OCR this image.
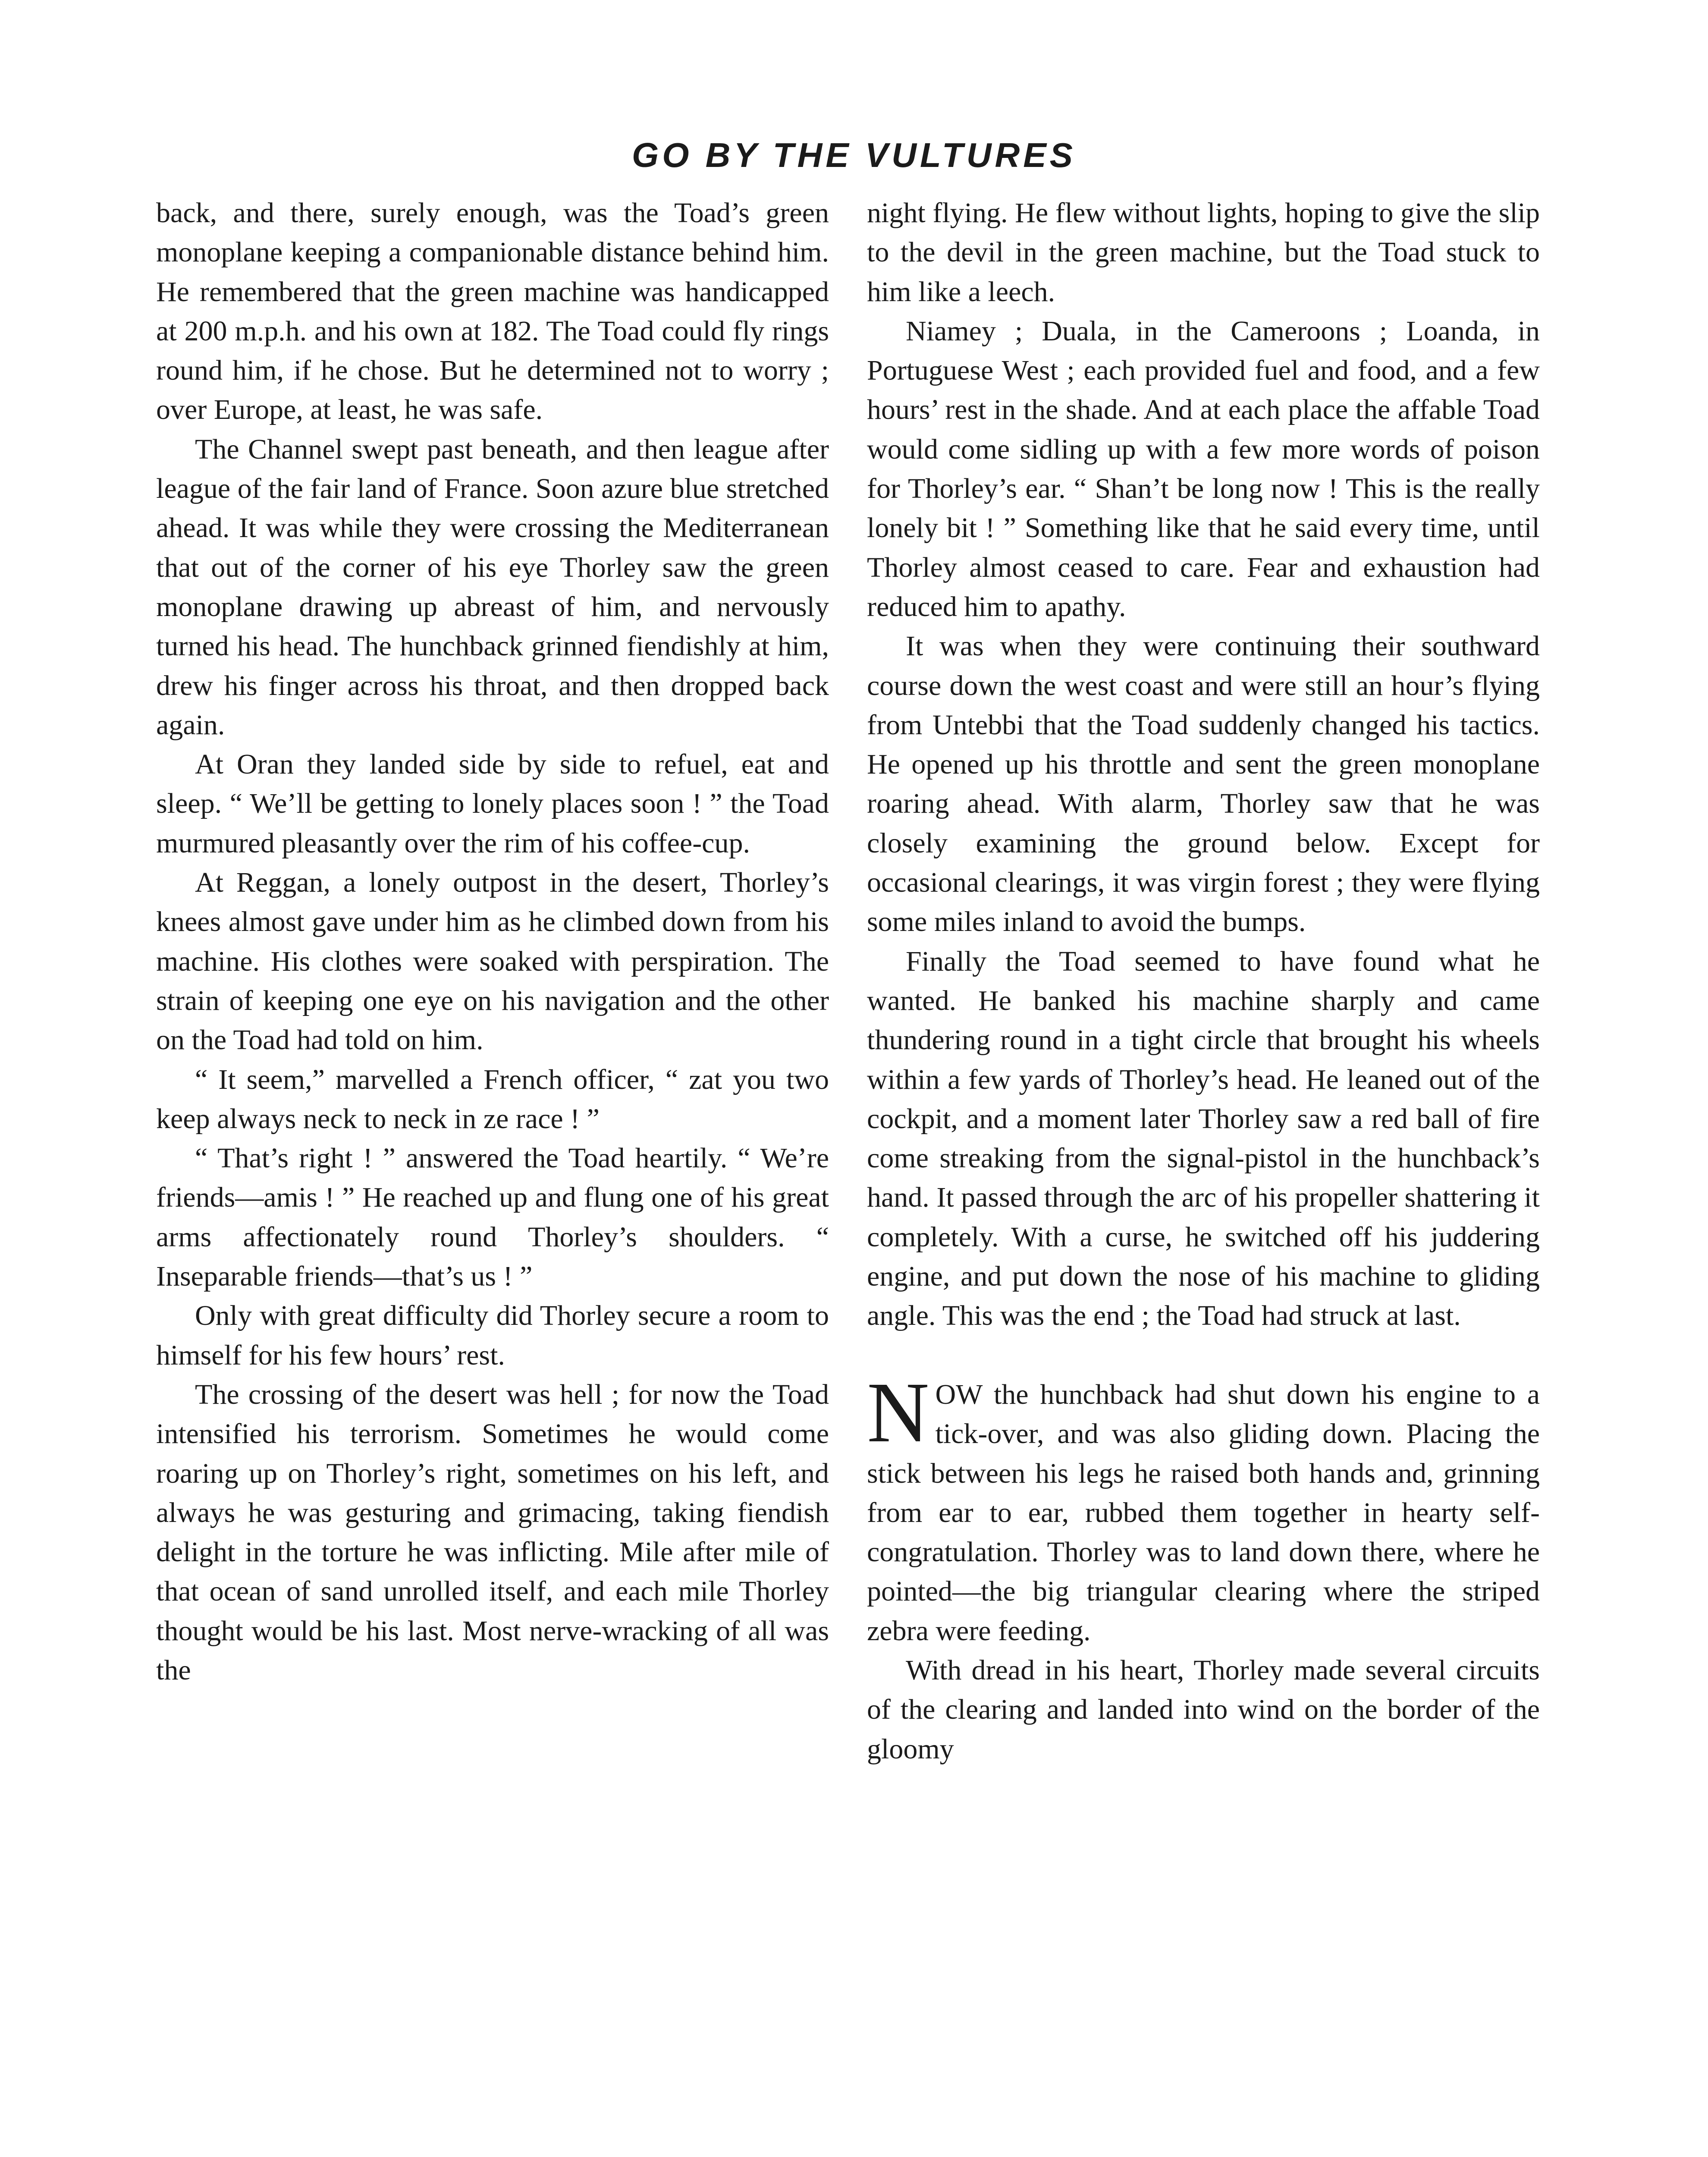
GO BY THE VULTURES

back, and there, surely enough, was the Toad’s green monoplane keeping a companionable distance behind him. He remembered that the green machine was handicapped at 200 m.p.h. and his own at 182. The Toad could fly rings round him, if he chose. But he determined not to worry ; over Europe, at least, he was safe.

The Channel swept past beneath, and then league after league of the fair land of France. Soon azure blue stretched ahead. It was while they were crossing the Mediterranean that out of the corner of his eye Thorley saw the green monoplane drawing up abreast of him, and nervously turned his head. The hunchback grinned fiendishly at him, drew his finger across his throat, and then dropped back again.

At Oran they landed side by side to refuel, eat and sleep. “ We’ll be getting to lonely places soon ! ” the Toad murmured pleasantly over the rim of his coffee-cup.

At Reggan, a lonely outpost in the desert, Thorley’s knees almost gave under him as he climbed down from his machine. His clothes were soaked with perspiration. The strain of keeping one eye on his navigation and the other on the Toad had told on him.

“ It seem,” marvelled a French officer, “ zat you two keep always neck to neck in ze race ! ”

“ That’s right ! ” answered the Toad heartily. “ We’re friends—amis ! ” He reached up and flung one of his great arms affectionately round Thorley’s shoulders. “ Inseparable friends—that’s us ! ”

Only with great difficulty did Thorley secure a room to himself for his few hours’ rest.

The crossing of the desert was hell ; for now the Toad intensified his terrorism. Sometimes he would come roaring up on Thorley’s right, sometimes on his left, and always he was gesturing and grimacing, taking fiendish delight in the torture he was inflicting. Mile after mile of that ocean of sand unrolled itself, and each mile Thorley thought would be his last. Most nerve-wracking of all was the

night flying. He flew without lights, hoping to give the slip to the devil in the green machine, but the Toad stuck to him like a leech.

Niamey ; Duala, in the Cameroons ; Loanda, in Portuguese West ; each provided fuel and food, and a few hours’ rest in the shade. And at each place the affable Toad would come sidling up with a few more words of poison for Thorley’s ear. “ Shan’t be long now ! This is the really lonely bit ! ” Something like that he said every time, until Thorley almost ceased to care. Fear and exhaustion had reduced him to apathy.

It was when they were continuing their southward course down the west coast and were still an hour’s flying from Untebbi that the Toad suddenly changed his tactics. He opened up his throttle and sent the green monoplane roaring ahead. With alarm, Thorley saw that he was closely examining the ground below. Except for occasional clearings, it was virgin forest ; they were flying some miles inland to avoid the bumps.

Finally the Toad seemed to have found what he wanted. He banked his machine sharply and came thundering round in a tight circle that brought his wheels within a few yards of Thorley’s head. He leaned out of the cockpit, and a moment later Thorley saw a red ball of fire come streaking from the signal-pistol in the hunchback’s hand. It passed through the arc of his propeller shattering it completely. With a curse, he switched off his juddering engine, and put down the nose of his machine to gliding angle. This was the end ; the Toad had struck at last.

NOW the hunchback had shut down his engine to a tick-over, and was also gliding down. Placing the stick between his legs he raised both hands and, grinning from ear to ear, rubbed them together in hearty self-congratulation. Thorley was to land down there, where he pointed—the big triangular clearing where the striped zebra were feeding.

With dread in his heart, Thorley made several circuits of the clearing and landed into wind on the border of the gloomy
